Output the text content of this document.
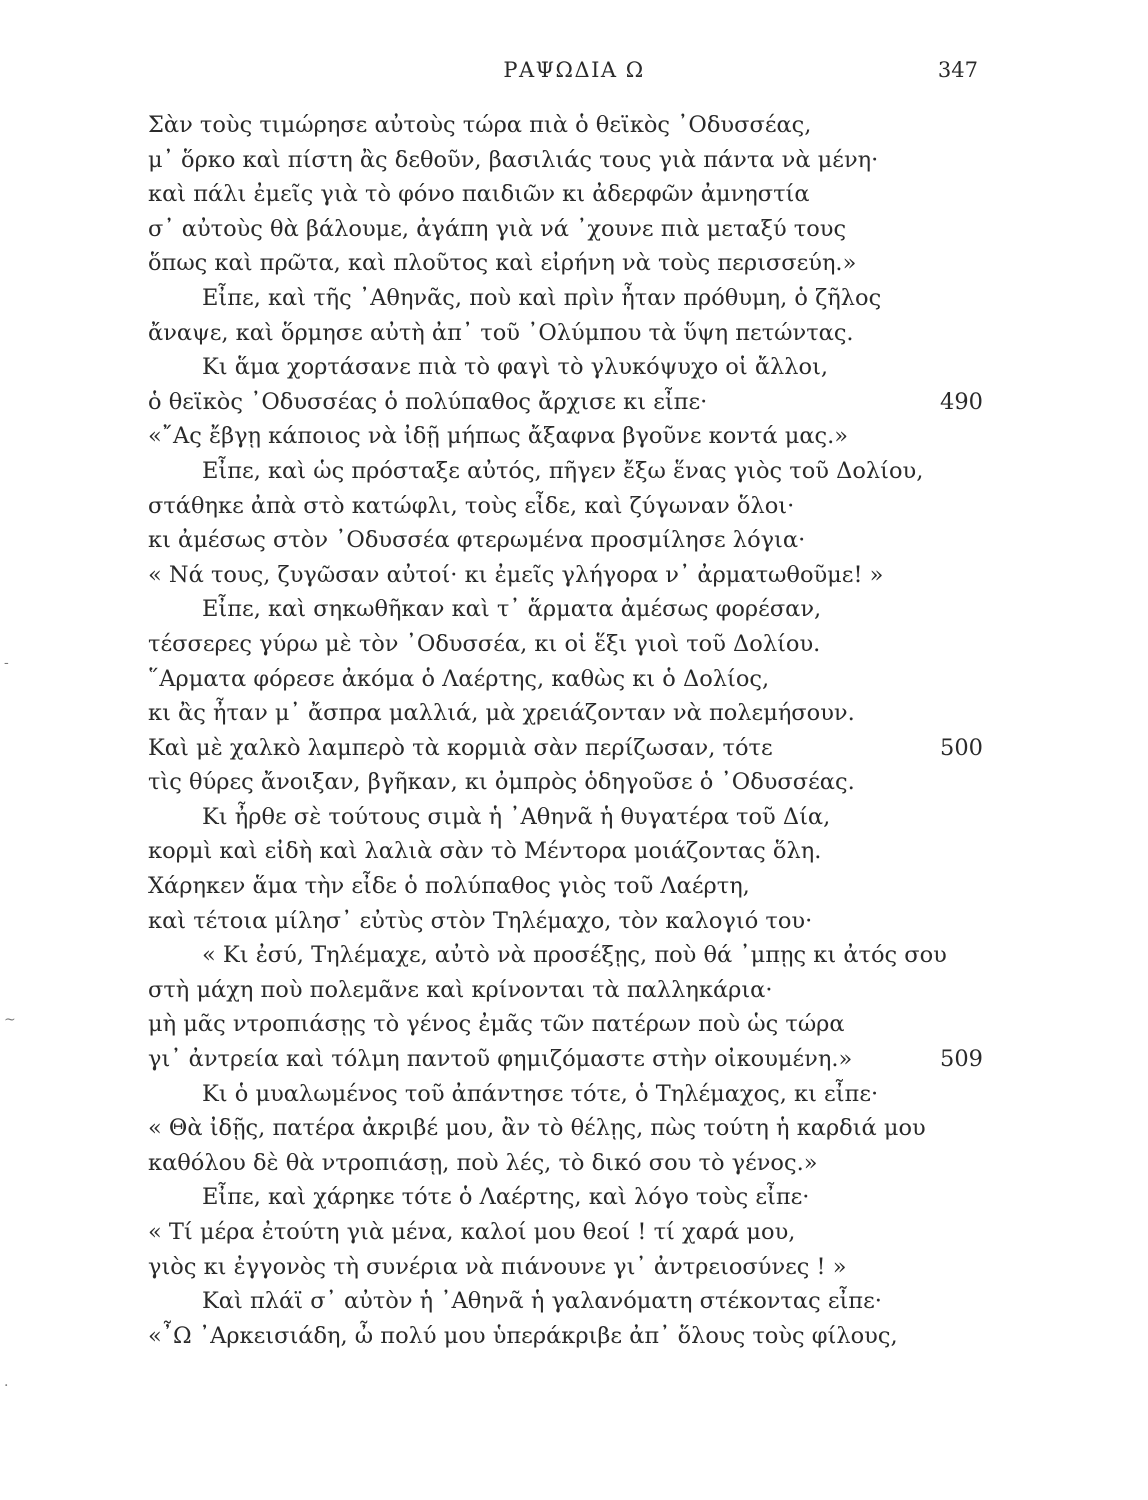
ΡΑΨΩΔΙΑ Ω	347
Σὰν τοὺς τιμώρησε αὐτοὺς τώρα πιὰ ὁ θεϊκὸς ᾿Οδυσσέας,
μ᾿ ὅρκο καὶ πίστη ἂς δεθοῦν, βασιλιάς τους γιὰ πάντα νὰ μένη·
καὶ πάλι ἐμεῖς γιὰ τὸ φόνο παιδιῶν κι ἀδερφῶν ἀμνηστία
σ᾿ αὐτοὺς θὰ βάλουμε, ἀγάπη γιὰ νά ᾿χουνε πιὰ μεταξύ τους
ὅπως καὶ πρῶτα, καὶ πλοῦτος καὶ εἰρήνη νὰ τοὺς περισσεύη.»
Εἶπε, καὶ τῆς ᾿Αθηνᾶς, ποὺ καὶ πρὶν ἦταν πρόθυμη, ὁ ζῆλος
ἄναψε, καὶ ὅρμησε αὐτὴ ἀπ᾿ τοῦ ᾿Ολύμπου τὰ ὕψη πετώντας.
Κι ἅμα χορτάσανε πιὰ τὸ φαγὶ τὸ γλυκόψυχο οἱ ἄλλοι,
ὁ θεϊκὸς ᾿Οδυσσέας ὁ πολύπαθος ἄρχισε κι εἶπε·	490
«῎Ας ἔβγῃ κάποιος νὰ ἰδῇ μήπως ἄξαφνα βγοῦνε κοντά μας.»
Εἶπε, καὶ ὡς πρόσταξε αὐτός, πῆγεν ἔξω ἕνας γιὸς τοῦ Δολίου,
στάθηκε ἀπὰ στὸ κατώφλι, τοὺς εἶδε, καὶ ζύγωναν ὅλοι·
κι ἀμέσως στὸν ᾿Οδυσσέα φτερωμένα προσμίλησε λόγια·
« Νά τους, ζυγῶσαν αὐτοί· κι ἐμεῖς γλήγορα ν᾿ ἀρματωθοῦμε! »
Εἶπε, καὶ σηκωθῆκαν καὶ τ᾿ ἅρματα ἀμέσως φορέσαν,
τέσσερες γύρω μὲ τὸν ᾿Οδυσσέα, κι οἱ ἕξι γιοὶ τοῦ Δολίου.
῞Αρματα φόρεσε ἀκόμα ὁ Λαέρτης, καθὼς κι ὁ Δολίος,
κι ἂς ἦταν μ᾿ ἄσπρα μαλλιά, μὰ χρειάζονταν νὰ πολεμήσουν.
Καὶ μὲ χαλκὸ λαμπερὸ τὰ κορμιὰ σὰν περίζωσαν, τότε	500
τὶς θύρες ἄνοιξαν, βγῆκαν, κι ὀμπρὸς ὁδηγοῦσε ὁ ᾿Οδυσσέας.
Κι ἦρθε σὲ τούτους σιμὰ ἡ ᾿Αθηνᾶ ἡ θυγατέρα τοῦ Δία,
κορμὶ καὶ εἰδὴ καὶ λαλιὰ σὰν τὸ Μέντορα μοιάζοντας ὅλη.
Χάρηκεν ἅμα τὴν εἶδε ὁ πολύπαθος γιὸς τοῦ Λαέρτη,
καὶ τέτοια μίλησ᾿ εὐτὺς στὸν Τηλέμαχο, τὸν καλογιό του·
« Κι ἐσύ, Τηλέμαχε, αὐτὸ νὰ προσέξῃς, ποὺ θά ᾿μπῃς κι ἀτός σου
στὴ μάχη ποὺ πολεμᾶνε καὶ κρίνονται τὰ παλληκάρια·
μὴ μᾶς ντροπιάσῃς τὸ γένος ἐμᾶς τῶν πατέρων ποὺ ὡς τώρα
γι᾿ ἀντρεία καὶ τόλμη παντοῦ φημιζόμαστε στὴν οἰκουμένη.»	509
Κι ὁ μυαλωμένος τοῦ ἀπάντησε τότε, ὁ Τηλέμαχος, κι εἶπε·
« Θὰ ἰδῇς, πατέρα ἀκριβέ μου, ἂν τὸ θέλῃς, πὼς τούτη ἡ καρδιά μου
καθόλου δὲ θὰ ντροπιάσῃ, ποὺ λές, τὸ δικό σου τὸ γένος.»
Εἶπε, καὶ χάρηκε τότε ὁ Λαέρτης, καὶ λόγο τοὺς εἶπε·
« Τί μέρα ἐτούτη γιὰ μένα, καλοί μου θεοί ! τί χαρά μου,
γιὸς κι ἐγγονὸς τὴ συνέρια νὰ πιάνουνε γι᾿ ἀντρειοσύνες ! »
Καὶ πλάϊ σ᾿ αὐτὸν ἡ ᾿Αθηνᾶ ἡ γαλανόματη στέκοντας εἶπε·
«῏Ω ᾿Αρκεισιάδη, ὦ πολύ μου ὑπεράκριβε ἀπ᾿ ὅλους τοὺς φίλους,
-
~
·
